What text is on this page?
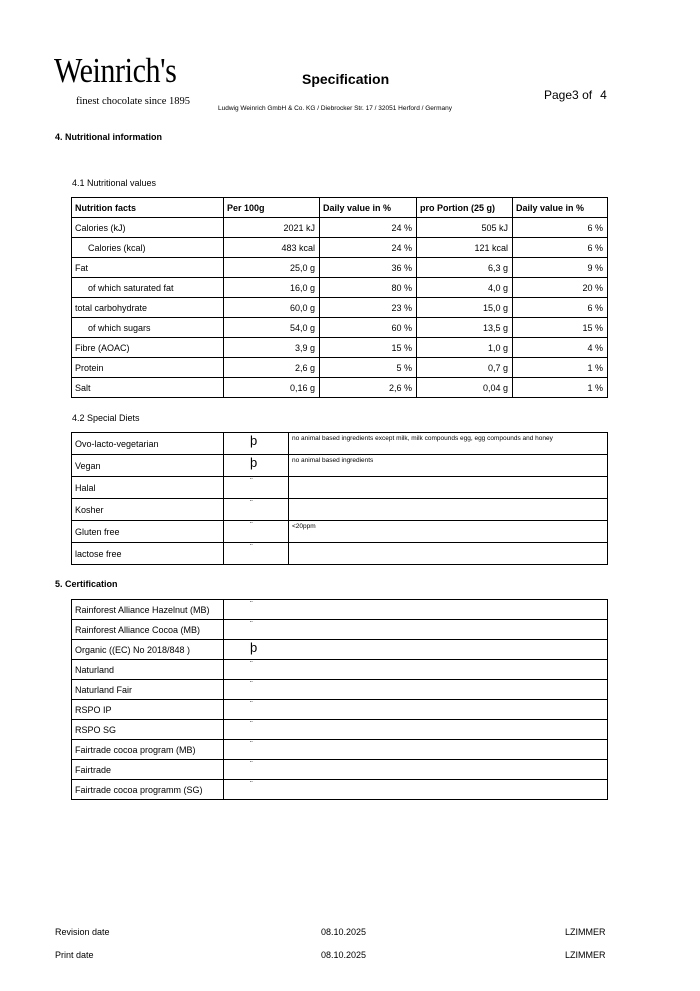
Weinrich's
finest chocolate since 1895
Specification
Ludwig Weinrich GmbH & Co. KG / Diebrocker Str. 17 / 32051 Herford / Germany
Page3 of 4
4. Nutritional information
4.1 Nutritional values
Nutrition facts	Per 100g	Daily value in %	pro Portion (25 g)	Daily value in %
Calories (kJ)	2021 kJ	24 %	505 kJ	6 %
Calories (kcal)	483 kcal	24 %	121 kcal	6 %
Fat	25,0 g	36 %	6,3 g	9 %
of which saturated fat	16,0 g	80 %	4,0 g	20 %
total carbohydrate	60,0 g	23 %	15,0 g	6 %
of which sugars	54,0 g	60 %	13,5 g	15 %
Fibre (AOAC)	3,9 g	15 %	1,0 g	4 %
Protein	2,6 g	5 %	0,7 g	1 %
Salt	0,16 g	2,6 %	0,04 g	1 %
4.2 Special Diets
Ovo-lacto-vegetarian	þ	no animal based ingredients except milk, milk compounds egg, egg compounds and honey
Vegan	þ	no animal based ingredients
Halal	¨	
Kosher	¨	
Gluten free	¨	<20ppm
lactose free	¨	
5. Certification
Rainforest Alliance Hazelnut (MB)	¨
Rainforest Alliance Cocoa (MB)	¨
Organic ((EC) No 2018/848 )	þ
Naturland	¨
Naturland Fair	¨
RSPO IP	¨
RSPO SG	¨
Fairtrade cocoa program (MB)	¨
Fairtrade	¨
Fairtrade cocoa programm (SG)	¨
Revision date	08.10.2025	LZIMMER
Print date	08.10.2025	LZIMMER
